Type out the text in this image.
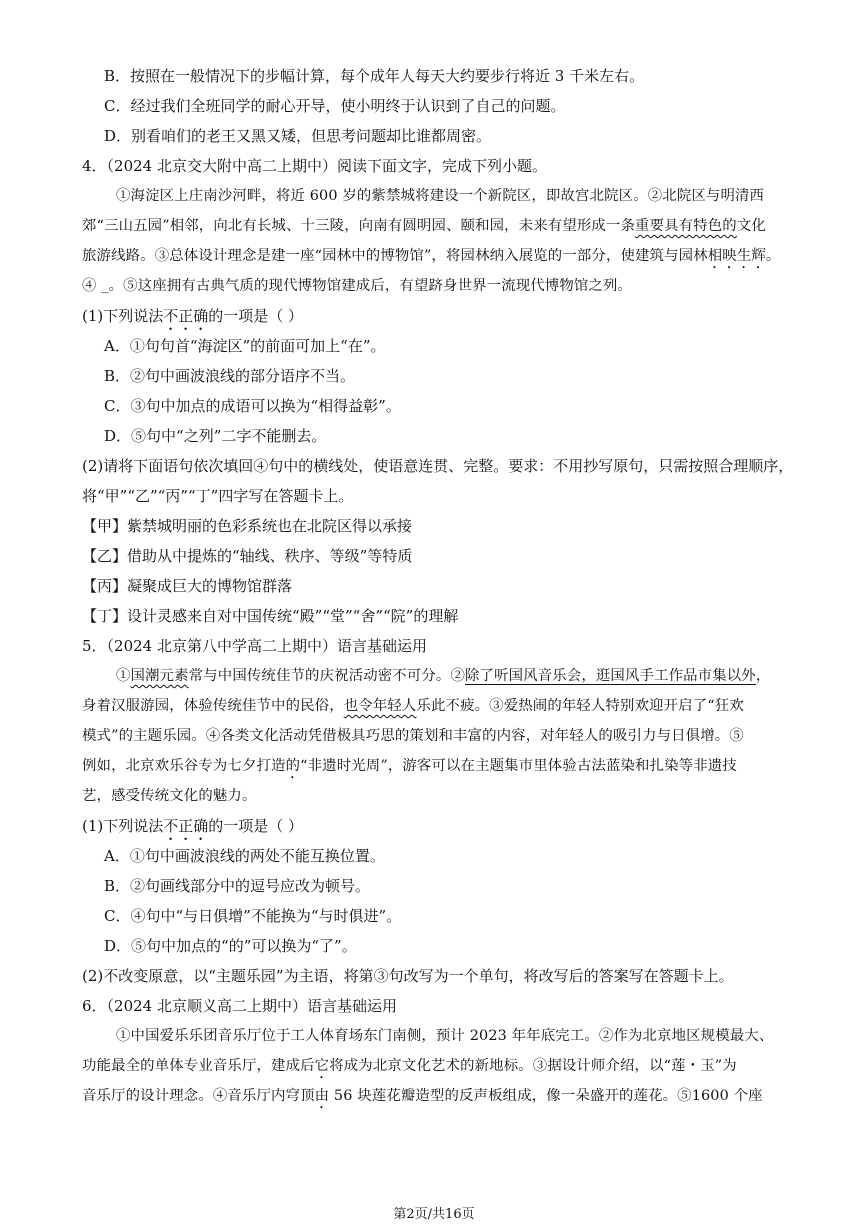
B．按照在一般情况下的步幅计算，每个成年人每天大约要步行将近 3 千米左右。
C．经过我们全班同学的耐心开导，使小明终于认识到了自己的问题。
D．别看咱们的老王又黑又矮，但思考问题却比谁都周密。
4．（2024 北京交大附中高二上期中）阅读下面文字，完成下列小题。
①海淀区上庄南沙河畔，将近 600 岁的紫禁城将建设一个新院区，即故宫北院区。②北院区与明清西
郊“三山五园”相邻，向北有长城、十三陵，向南有圆明园、颐和园，未来有望形成一条重要具有特色的文化
旅游线路。③总体设计理念是建一座“园林中的博物馆”，将园林纳入展览的一部分，使建筑与园林相映生辉。
④ _。⑤这座拥有古典气质的现代博物馆建成后，有望跻身世界一流现代博物馆之列。
(1)下列说法不正确的一项是（ ）
A．①句句首“海淀区”的前面可加上“在”。
B．②句中画波浪线的部分语序不当。
C．③句中加点的成语可以换为“相得益彰”。
D．⑤句中“之列”二字不能删去。
(2)请将下面语句依次填回④句中的横线处，使语意连贯、完整。要求：不用抄写原句，只需按照合理顺序，
将“甲”“乙”“丙”“丁”四字写在答题卡上。
【甲】紫禁城明丽的色彩系统也在北院区得以承接
【乙】借助从中提炼的“轴线、秩序、等级”等特质
【丙】凝聚成巨大的博物馆群落
【丁】设计灵感来自对中国传统“殿”“堂”“舍”“院”的理解
5．（2024 北京第八中学高二上期中）语言基础运用
①国潮元素常与中国传统佳节的庆祝活动密不可分。②除了听国风音乐会，逛国风手工作品市集以外，
身着汉服游园，体验传统佳节中的民俗，也令年轻人乐此不疲。③爱热闹的年轻人特别欢迎开启了“狂欢
模式”的主题乐园。④各类文化活动凭借极具巧思的策划和丰富的内容，对年轻人的吸引力与日俱增。⑤
例如，北京欢乐谷专为七夕打造的“非遗时光周”，游客可以在主题集市里体验古法蓝染和扎染等非遗技
艺，感受传统文化的魅力。
(1)下列说法不正确的一项是（ ）
A．①句中画波浪线的两处不能互换位置。
B．②句画线部分中的逗号应改为顿号。
C．④句中“与日俱增”不能换为“与时俱进”。
D．⑤句中加点的“的”可以换为“了”。
(2)不改变原意，以“主题乐园”为主语，将第③句改写为一个单句，将改写后的答案写在答题卡上。
6．（2024 北京顺义高二上期中）语言基础运用
①中国爱乐乐团音乐厅位于工人体育场东门南侧，预计 2023 年年底完工。②作为北京地区规模最大、
功能最全的单体专业音乐厅，建成后它将成为北京文化艺术的新地标。③据设计师介绍，以“莲・玉”为
音乐厅的设计理念。④音乐厅内穹顶由 56 块莲花瓣造型的反声板组成，像一朵盛开的莲花。⑤1600 个座
第2页/共16页
